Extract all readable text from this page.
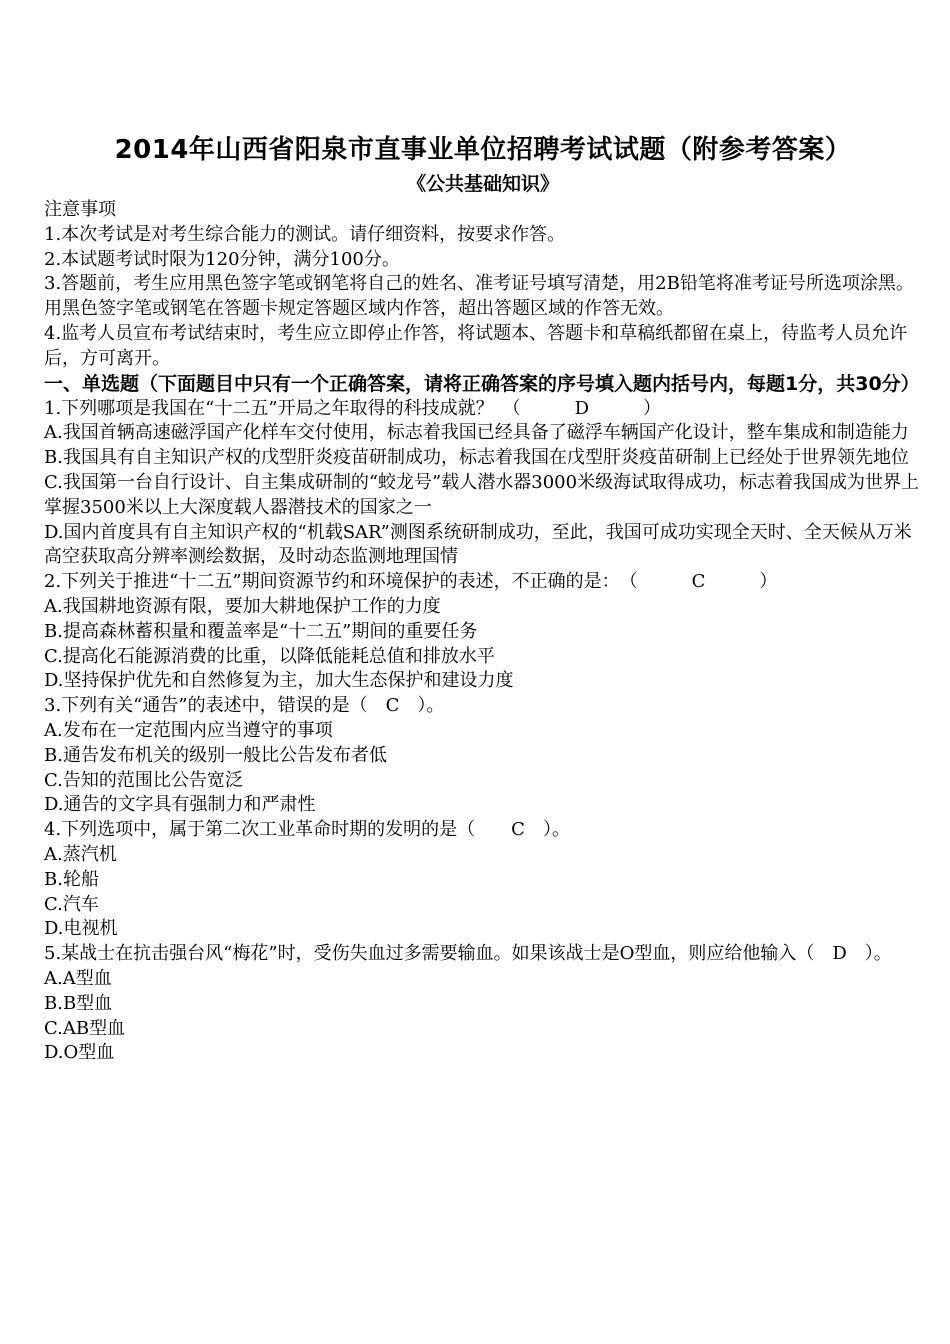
2014年山西省阳泉市直事业单位招聘考试试题（附参考答案）
《公共基础知识》

注意事项

1.本次考试是对考生综合能力的测试。请仔细资料，按要求作答。

2.本试题考试时限为120分钟，满分100分。

3.答题前，考生应用黑色签字笔或钢笔将自己的姓名、准考证号填写清楚，用2B铅笔将准考证号所选项涂黑。用黑色签字笔或钢笔在答题卡规定答题区域内作答，超出答题区域的作答无效。

4.监考人员宣布考试结束时，考生应立即停止作答，将试题本、答题卡和草稿纸都留在桌上，待监考人员允许后，方可离开。

一、单选题（下面题目中只有一个正确答案，请将正确答案的序号填入题内括号内，每题1分，共30分）

1.下列哪项是我国在“十二五”开局之年取得的科技成就？　（　　　D　　　）

A.我国首辆高速磁浮国产化样车交付使用，标志着我国已经具备了磁浮车辆国产化设计，整车集成和制造能力

B.我国具有自主知识产权的戊型肝炎疫苗研制成功，标志着我国在戊型肝炎疫苗研制上已经处于世界领先地位

C.我国第一台自行设计、自主集成研制的“蛟龙号”载人潜水器3000米级海试取得成功，标志着我国成为世界上掌握3500米以上大深度载人器潜技术的国家之一

D.国内首度具有自主知识产权的“机载SAR”测图系统研制成功，至此，我国可成功实现全天时、全天候从万米高空获取高分辨率测绘数据，及时动态监测地理国情

2.下列关于推进“十二五”期间资源节约和环境保护的表述，不正确的是：　（　　　C　　　）

A.我国耕地资源有限，要加大耕地保护工作的力度

B.提高森林蓄积量和覆盖率是“十二五”期间的重要任务

C.提高化石能源消费的比重，以降低能耗总值和排放水平

D.坚持保护优先和自然修复为主，加大生态保护和建设力度

3.下列有关“通告”的表述中，错误的是（　C　）。

A.发布在一定范围内应当遵守的事项

B.通告发布机关的级别一般比公告发布者低

C.告知的范围比公告宽泛

D.通告的文字具有强制力和严肃性

4.下列选项中，属于第二次工业革命时期的发明的是（　　C　）。

A.蒸汽机

B.轮船

C.汽车

D.电视机

5.某战士在抗击强台风“梅花”时，受伤失血过多需要输血。如果该战士是O型血，则应给他输入（　D　）。

A.A型血

B.B型血

C.AB型血

D.O型血
